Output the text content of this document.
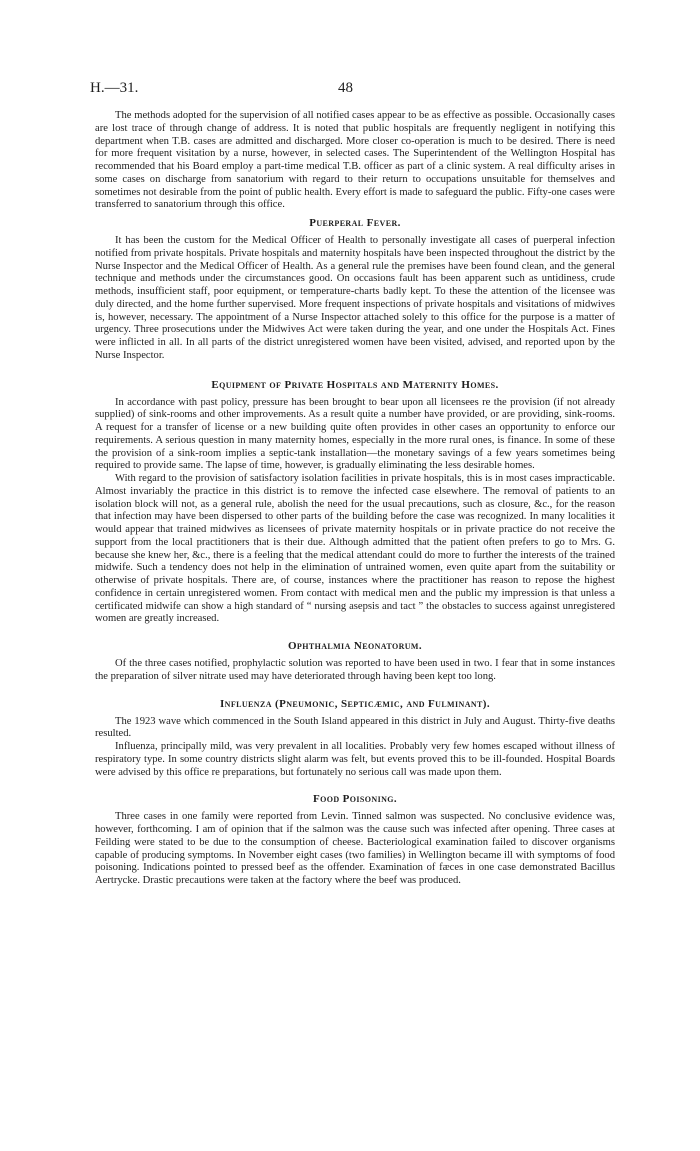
H.—31.	48

The methods adopted for the supervision of all notified cases appear to be as effective as possible. Occasionally cases are lost trace of through change of address. It is noted that public hospitals are frequently negligent in notifying this department when T.B. cases are admitted and discharged. More closer co-operation is much to be desired. There is need for more frequent visitation by a nurse, however, in selected cases. The Superintendent of the Wellington Hospital has recommended that his Board employ a part-time medical T.B. officer as part of a clinic system. A real difficulty arises in some cases on discharge from sanatorium with regard to their return to occupations unsuitable for themselves and sometimes not desirable from the point of public health. Every effort is made to safeguard the public. Fifty-one cases were transferred to sanatorium through this office.

Puerperal Fever.

It has been the custom for the Medical Officer of Health to personally investigate all cases of puerperal infection notified from private hospitals. Private hospitals and maternity hospitals have been inspected throughout the district by the Nurse Inspector and the Medical Officer of Health. As a general rule the premises have been found clean, and the general technique and methods under the circumstances good. On occasions fault has been apparent such as untidiness, crude methods, insufficient staff, poor equipment, or temperature-charts badly kept. To these the attention of the licensee was duly directed, and the home further supervised. More frequent inspections of private hospitals and visitations of midwives is, however, necessary. The appointment of a Nurse Inspector attached solely to this office for the purpose is a matter of urgency. Three prosecutions under the Midwives Act were taken during the year, and one under the Hospitals Act. Fines were inflicted in all. In all parts of the district unregistered women have been visited, advised, and reported upon by the Nurse Inspector.

Equipment of Private Hospitals and Maternity Homes.

In accordance with past policy, pressure has been brought to bear upon all licensees re the provision (if not already supplied) of sink-rooms and other improvements. As a result quite a number have provided, or are providing, sink-rooms. A request for a transfer of license or a new building quite often provides in other cases an opportunity to enforce our requirements. A serious question in many maternity homes, especially in the more rural ones, is finance. In some of these the provision of a sink-room implies a septic-tank installation—the monetary savings of a few years sometimes being required to provide same. The lapse of time, however, is gradually eliminating the less desirable homes.

With regard to the provision of satisfactory isolation facilities in private hospitals, this is in most cases impracticable. Almost invariably the practice in this district is to remove the infected case elsewhere. The removal of patients to an isolation block will not, as a general rule, abolish the need for the usual precautions, such as closure, &c., for the reason that infection may have been dispersed to other parts of the building before the case was recognized. In many localities it would appear that trained midwives as licensees of private maternity hospitals or in private practice do not receive the support from the local practitioners that is their due. Although admitted that the patient often prefers to go to Mrs. G. because she knew her, &c., there is a feeling that the medical attendant could do more to further the interests of the trained midwife. Such a tendency does not help in the elimination of untrained women, even quite apart from the suitability or otherwise of private hospitals. There are, of course, instances where the practitioner has reason to repose the highest confidence in certain unregistered women. From contact with medical men and the public my impression is that unless a certificated midwife can show a high standard of “ nursing asepsis and tact ” the obstacles to success against unregistered women are greatly increased.

Ophthalmia Neonatorum.

Of the three cases notified, prophylactic solution was reported to have been used in two. I fear that in some instances the preparation of silver nitrate used may have deteriorated through having been kept too long.

Influenza (Pneumonic, Septicæmic, and Fulminant).

The 1923 wave which commenced in the South Island appeared in this district in July and August. Thirty-five deaths resulted.

Influenza, principally mild, was very prevalent in all localities. Probably very few homes escaped without illness of respiratory type. In some country districts slight alarm was felt, but events proved this to be ill-founded. Hospital Boards were advised by this office re preparations, but fortunately no serious call was made upon them.

Food Poisoning.

Three cases in one family were reported from Levin. Tinned salmon was suspected. No conclusive evidence was, however, forthcoming. I am of opinion that if the salmon was the cause such was infected after opening. Three cases at Feilding were stated to be due to the consumption of cheese. Bacteriological examination failed to discover organisms capable of producing symptoms. In November eight cases (two families) in Wellington became ill with symptoms of food poisoning. Indications pointed to pressed beef as the offender. Examination of fæces in one case demonstrated Bacillus Aertrycke. Drastic precautions were taken at the factory where the beef was produced.
